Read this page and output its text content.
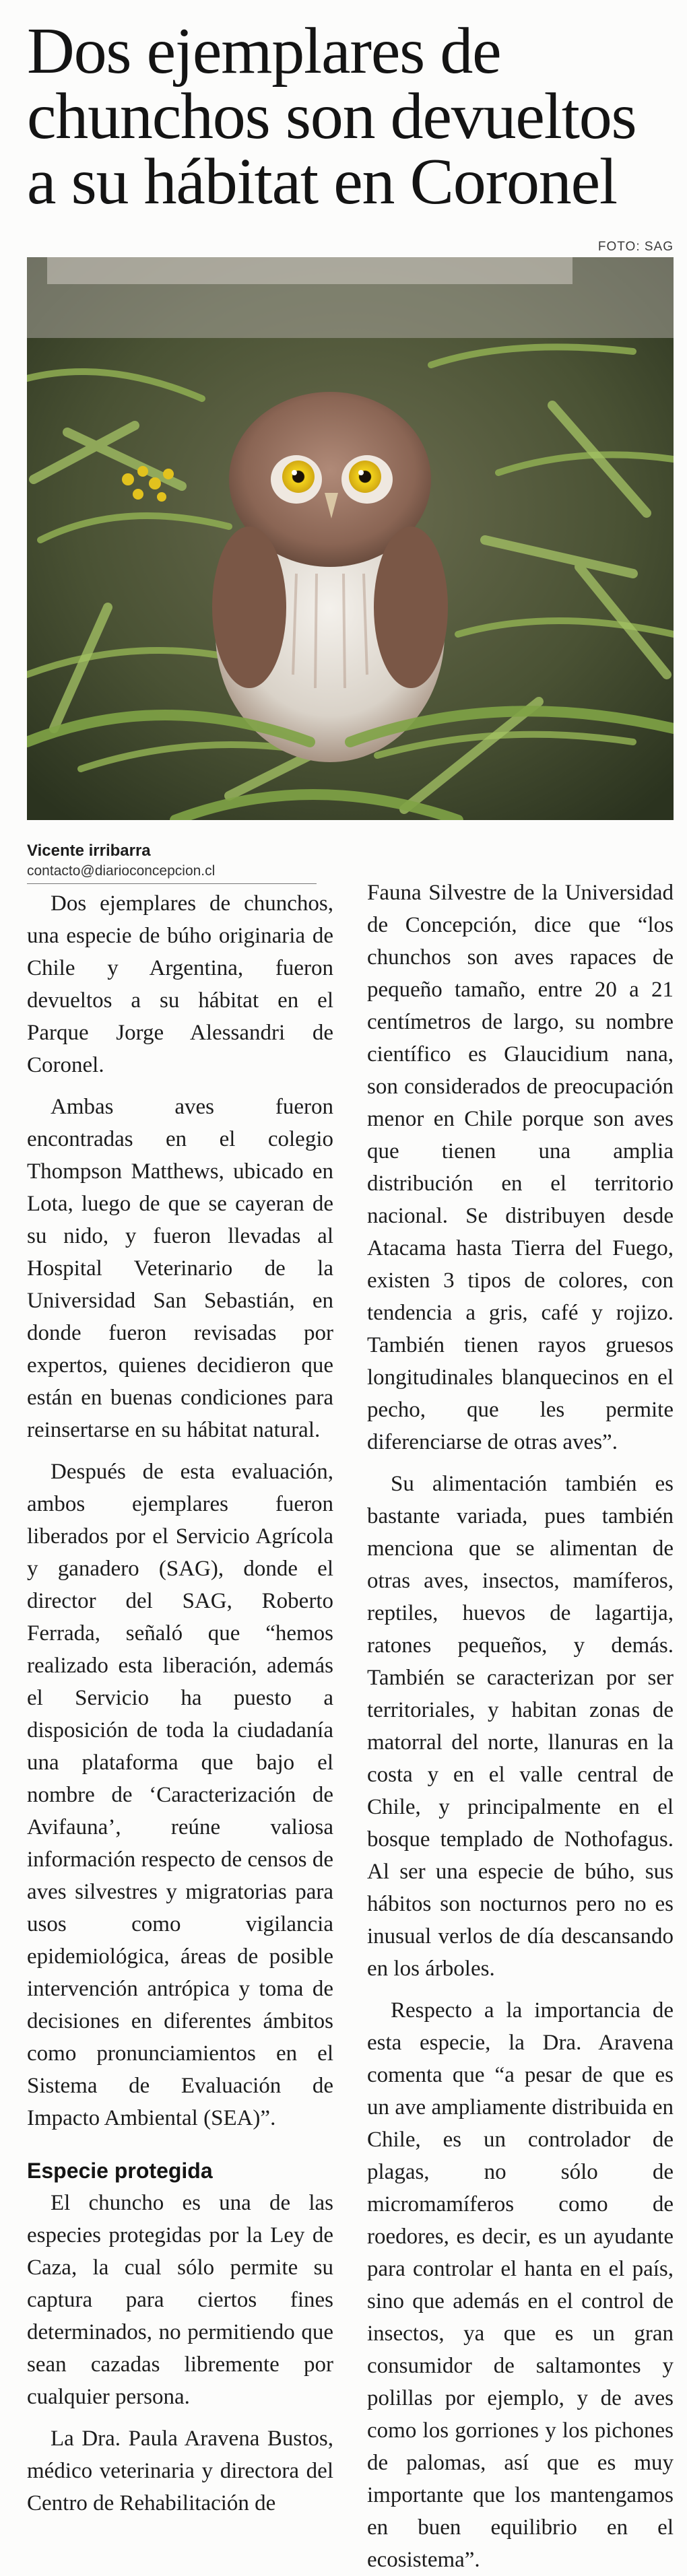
Dos ejemplares de
chunchos son devueltos
a su hábitat en Coronel
FOTO: SAG
Vicente irribarra
contacto@diarioconcepcion.cl

Dos ejemplares de chunchos, una especie de búho originaria de Chile y Argentina, fueron devueltos a su hábitat en el Parque Jorge Alessandri de Coronel.

Ambas aves fueron encontradas en el colegio Thompson Matthews, ubicado en Lota, luego de que se cayeran de su nido, y fueron llevadas al Hospital Veterinario de la Universidad San Sebastián, en donde fueron revisadas por expertos, quienes decidieron que están en buenas condiciones para reinsertarse en su hábitat natural.

Después de esta evaluación, ambos ejemplares fueron liberados por el Servicio Agrícola y ganadero (SAG), donde el director del SAG, Roberto Ferrada, señaló que “hemos realizado esta liberación, además el Servicio ha puesto a disposición de toda la ciudadanía una plataforma que bajo el nombre de ‘Caracterización de Avifauna’, reúne valiosa información respecto de censos de aves silvestres y migratorias para usos como vigilancia epidemiológica, áreas de posible intervención antrópica y toma de decisiones en diferentes ámbitos como pronunciamientos en el Sistema de Evaluación de Impacto Ambiental (SEA)”.

Especie protegida

El chuncho es una de las especies protegidas por la Ley de Caza, la cual sólo permite su captura para ciertos fines determinados, no permitiendo que sean cazadas libremente por cualquier persona.

La Dra. Paula Aravena Bustos, médico veterinaria y directora del Centro de Rehabilitación de

Fauna Silvestre de la Universidad de Concepción, dice que “los chunchos son aves rapaces de pequeño tamaño, entre 20 a 21 centímetros de largo, su nombre científico es Glaucidium nana, son considerados de preocupación menor en Chile porque son aves que tienen una amplia distribución en el territorio nacional. Se distribuyen desde Atacama hasta Tierra del Fuego, existen 3 tipos de colores, con tendencia a gris, café y rojizo. También tienen rayos gruesos longitudinales blanquecinos en el pecho, que les permite diferenciarse de otras aves”.

Su alimentación también es bastante variada, pues también menciona que se alimentan de otras aves, insectos, mamíferos, reptiles, huevos de lagartija, ratones pequeños, y demás. También se caracterizan por ser territoriales, y habitan zonas de matorral del norte, llanuras en la costa y en el valle central de Chile, y principalmente en el bosque templado de Nothofagus. Al ser una especie de búho, sus hábitos son nocturnos pero no es inusual verlos de día descansando en los árboles.

Respecto a la importancia de esta especie, la Dra. Aravena comenta que “a pesar de que es un ave ampliamente distribuida en Chile, es un controlador de plagas, no sólo de micromamíferos como de roedores, es decir, es un ayudante para controlar el hanta en el país, sino que además en el control de insectos, ya que es un gran consumidor de saltamontes y polillas por ejemplo, y de aves como los gorriones y los pichones de palomas, así que es muy importante que los mantengamos en buen equilibrio en el ecosistema”.
